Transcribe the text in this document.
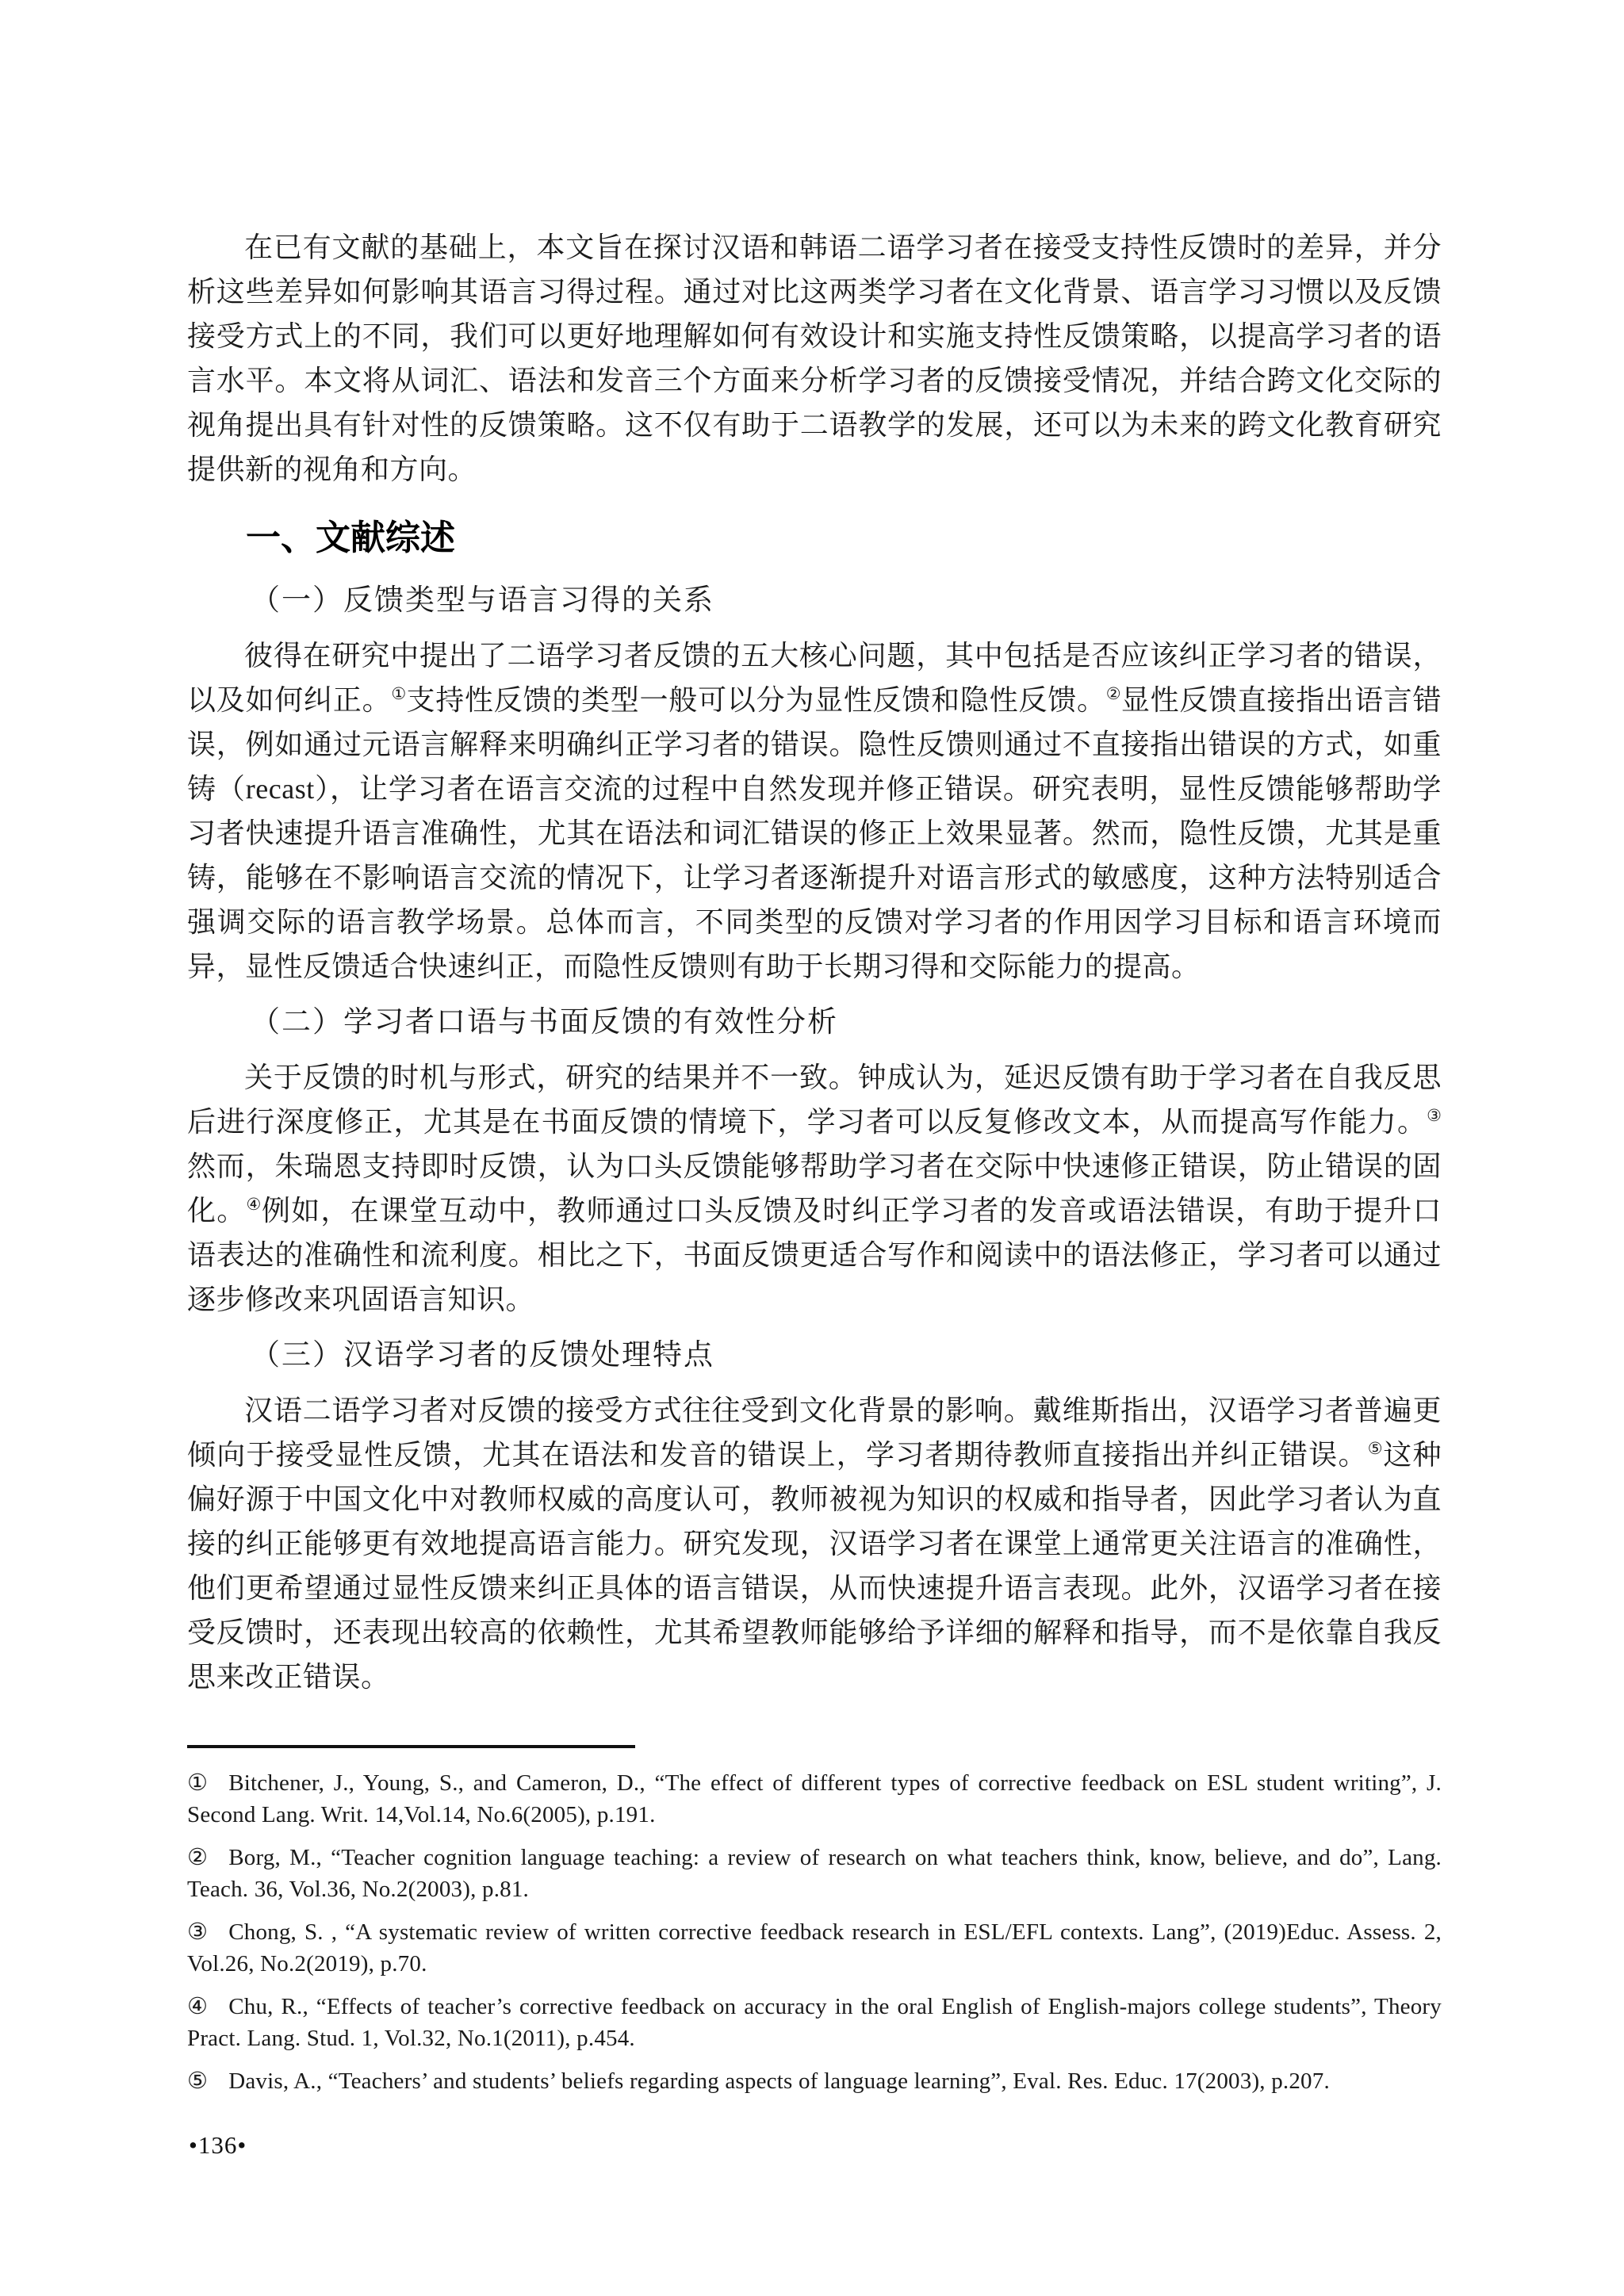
在已有文献的基础上，本文旨在探讨汉语和韩语二语学习者在接受支持性反馈时的差异，并分析这些差异如何影响其语言习得过程。通过对比这两类学习者在文化背景、语言学习习惯以及反馈接受方式上的不同，我们可以更好地理解如何有效设计和实施支持性反馈策略，以提高学习者的语言水平。本文将从词汇、语法和发音三个方面来分析学习者的反馈接受情况，并结合跨文化交际的视角提出具有针对性的反馈策略。这不仅有助于二语教学的发展，还可以为未来的跨文化教育研究提供新的视角和方向。

一、文献综述
（一）反馈类型与语言习得的关系

彼得在研究中提出了二语学习者反馈的五大核心问题，其中包括是否应该纠正学习者的错误，以及如何纠正。①支持性反馈的类型一般可以分为显性反馈和隐性反馈。②显性反馈直接指出语言错误，例如通过元语言解释来明确纠正学习者的错误。隐性反馈则通过不直接指出错误的方式，如重铸（recast），让学习者在语言交流的过程中自然发现并修正错误。研究表明，显性反馈能够帮助学习者快速提升语言准确性，尤其在语法和词汇错误的修正上效果显著。然而，隐性反馈，尤其是重铸，能够在不影响语言交流的情况下，让学习者逐渐提升对语言形式的敏感度，这种方法特别适合强调交际的语言教学场景。总体而言，不同类型的反馈对学习者的作用因学习目标和语言环境而异，显性反馈适合快速纠正，而隐性反馈则有助于长期习得和交际能力的提高。

（二）学习者口语与书面反馈的有效性分析

关于反馈的时机与形式，研究的结果并不一致。钟成认为，延迟反馈有助于学习者在自我反思后进行深度修正，尤其是在书面反馈的情境下，学习者可以反复修改文本，从而提高写作能力。③然而，朱瑞恩支持即时反馈，认为口头反馈能够帮助学习者在交际中快速修正错误，防止错误的固化。④例如，在课堂互动中，教师通过口头反馈及时纠正学习者的发音或语法错误，有助于提升口语表达的准确性和流利度。相比之下，书面反馈更适合写作和阅读中的语法修正，学习者可以通过逐步修改来巩固语言知识。

（三）汉语学习者的反馈处理特点

汉语二语学习者对反馈的接受方式往往受到文化背景的影响。戴维斯指出，汉语学习者普遍更倾向于接受显性反馈，尤其在语法和发音的错误上，学习者期待教师直接指出并纠正错误。⑤这种偏好源于中国文化中对教师权威的高度认可，教师被视为知识的权威和指导者，因此学习者认为直接的纠正能够更有效地提高语言能力。研究发现，汉语学习者在课堂上通常更关注语言的准确性，他们更希望通过显性反馈来纠正具体的语言错误，从而快速提升语言表现。此外，汉语学习者在接受反馈时，还表现出较高的依赖性，尤其希望教师能够给予详细的解释和指导，而不是依靠自我反思来改正错误。

① Bitchener, J., Young, S., and Cameron, D., “The effect of different types of corrective feedback on ESL student writing”, J. Second Lang. Writ. 14,Vol.14, No.6(2005), p.191.

② Borg, M., “Teacher cognition language teaching: a review of research on what teachers think, know, believe, and do”, Lang. Teach. 36, Vol.36, No.2(2003), p.81.

③ Chong, S. , “A systematic review of written corrective feedback research in ESL/EFL contexts. Lang”, (2019)Educ. Assess. 2, Vol.26, No.2(2019), p.70.

④ Chu, R., “Effects of teacher’s corrective feedback on accuracy in the oral English of English-majors college students”, Theory Pract. Lang. Stud. 1, Vol.32, No.1(2011), p.454.

⑤ Davis, A., “Teachers’ and students’ beliefs regarding aspects of language learning”, Eval. Res. Educ. 17(2003), p.207.

•136•
